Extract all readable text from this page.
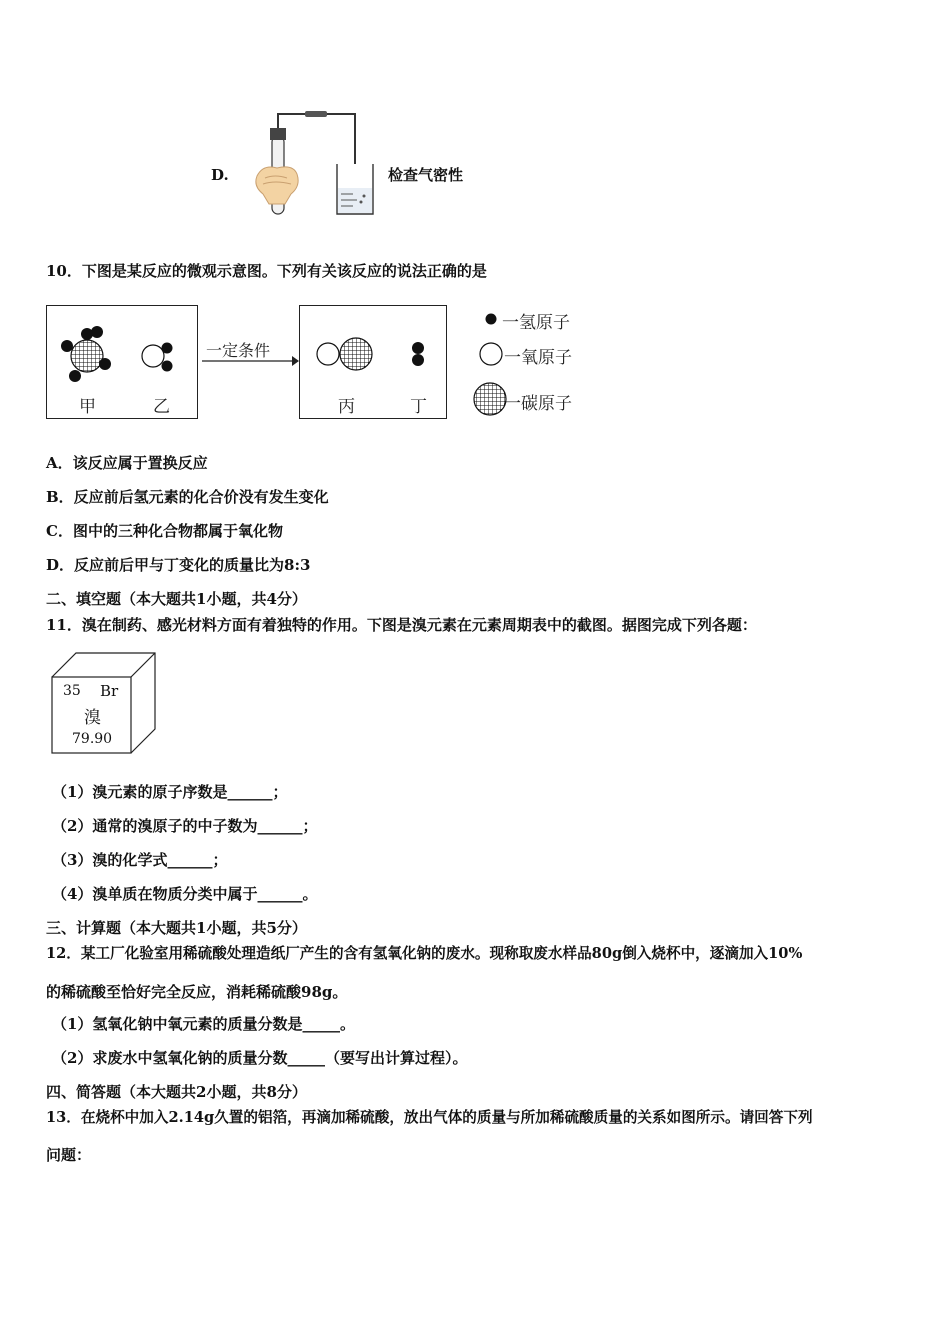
D.	检查气密性
10．下图是某反应的微观示意图。下列有关该反应的说法正确的是
甲	乙
一定条件
丙	丁
一氢原子
一氧原子
一碳原子
A．该反应属于置换反应
B．反应前后氢元素的化合价没有发生变化
C．图中的三种化合物都属于氧化物
D．反应前后甲与丁变化的质量比为8:3
二、填空题（本大题共1小题，共4分）
11．溴在制药、感光材料方面有着独特的作用。下图是溴元素在元素周期表中的截图。据图完成下列各题：
35 Br
溴
79.90
（1）溴元素的原子序数是______；
（2）通常的溴原子的中子数为______；
（3）溴的化学式______；
（4）溴单质在物质分类中属于______。
三、计算题（本大题共1小题，共5分）
12．某工厂化验室用稀硫酸处理造纸厂产生的含有氢氧化钠的废水。现称取废水样品80g倒入烧杯中，逐滴加入10%
的稀硫酸至恰好完全反应，消耗稀硫酸98g。
（1）氢氧化钠中氧元素的质量分数是_____。
（2）求废水中氢氧化钠的质量分数_____（要写出计算过程）。
四、简答题（本大题共2小题，共8分）
13．在烧杯中加入2.14g久置的铝箔，再滴加稀硫酸，放出气体的质量与所加稀硫酸质量的关系如图所示。请回答下列
问题：
